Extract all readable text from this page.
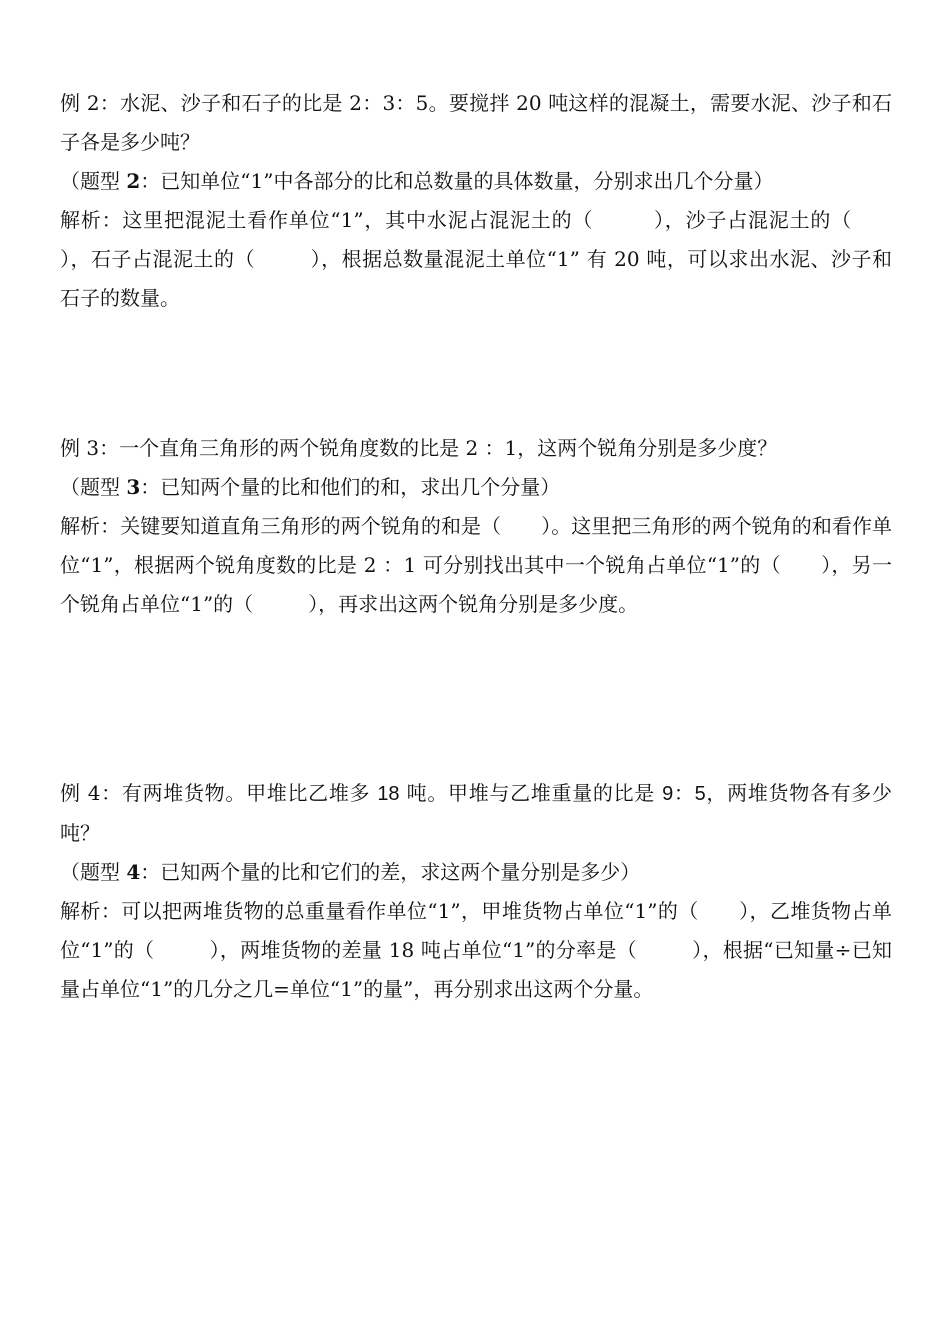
例 2：水泥、沙子和石子的比是 2：3：5。要搅拌 20 吨这样的混凝土，需要水泥、沙子和石子各是多少吨？

（题型 2：已知单位“1”中各部分的比和总数量的具体数量，分别求出几个分量）

解析：这里把混泥土看作单位“1”，其中水泥占混泥土的（	），沙子占混泥土的（），石子占混泥土的（	），根据总数量混泥土单位“1” 有 20 吨，可以求出水泥、沙子和石子的数量。

例 3：一个直角三角形的两个锐角度数的比是 2 ：1，这两个锐角分别是多少度？

（题型 3：已知两个量的比和他们的和，求出几个分量）

解析：关键要知道直角三角形的两个锐角的和是（ ）。这里把三角形的两个锐角的和看作单位“1”，根据两个锐角度数的比是 2 ：1 可分别找出其中一个锐角占单位“1”的（ ），另一个锐角占单位“1”的（	），再求出这两个锐角分别是多少度。

例 4：有两堆货物。甲堆比乙堆多 18 吨。甲堆与乙堆重量的比是 9：5，两堆货物各有多少吨？

（题型 4：已知两个量的比和它们的差，求这两个量分别是多少）

解析：可以把两堆货物的总重量看作单位“1”，甲堆货物占单位“1”的（ ），乙堆货物占单位“1”的（	），两堆货物的差量 18 吨占单位“1”的分率是（	），根据“已知量÷已知量占单位“1”的几分之几=单位“1”的量”，再分别求出这两个分量。
